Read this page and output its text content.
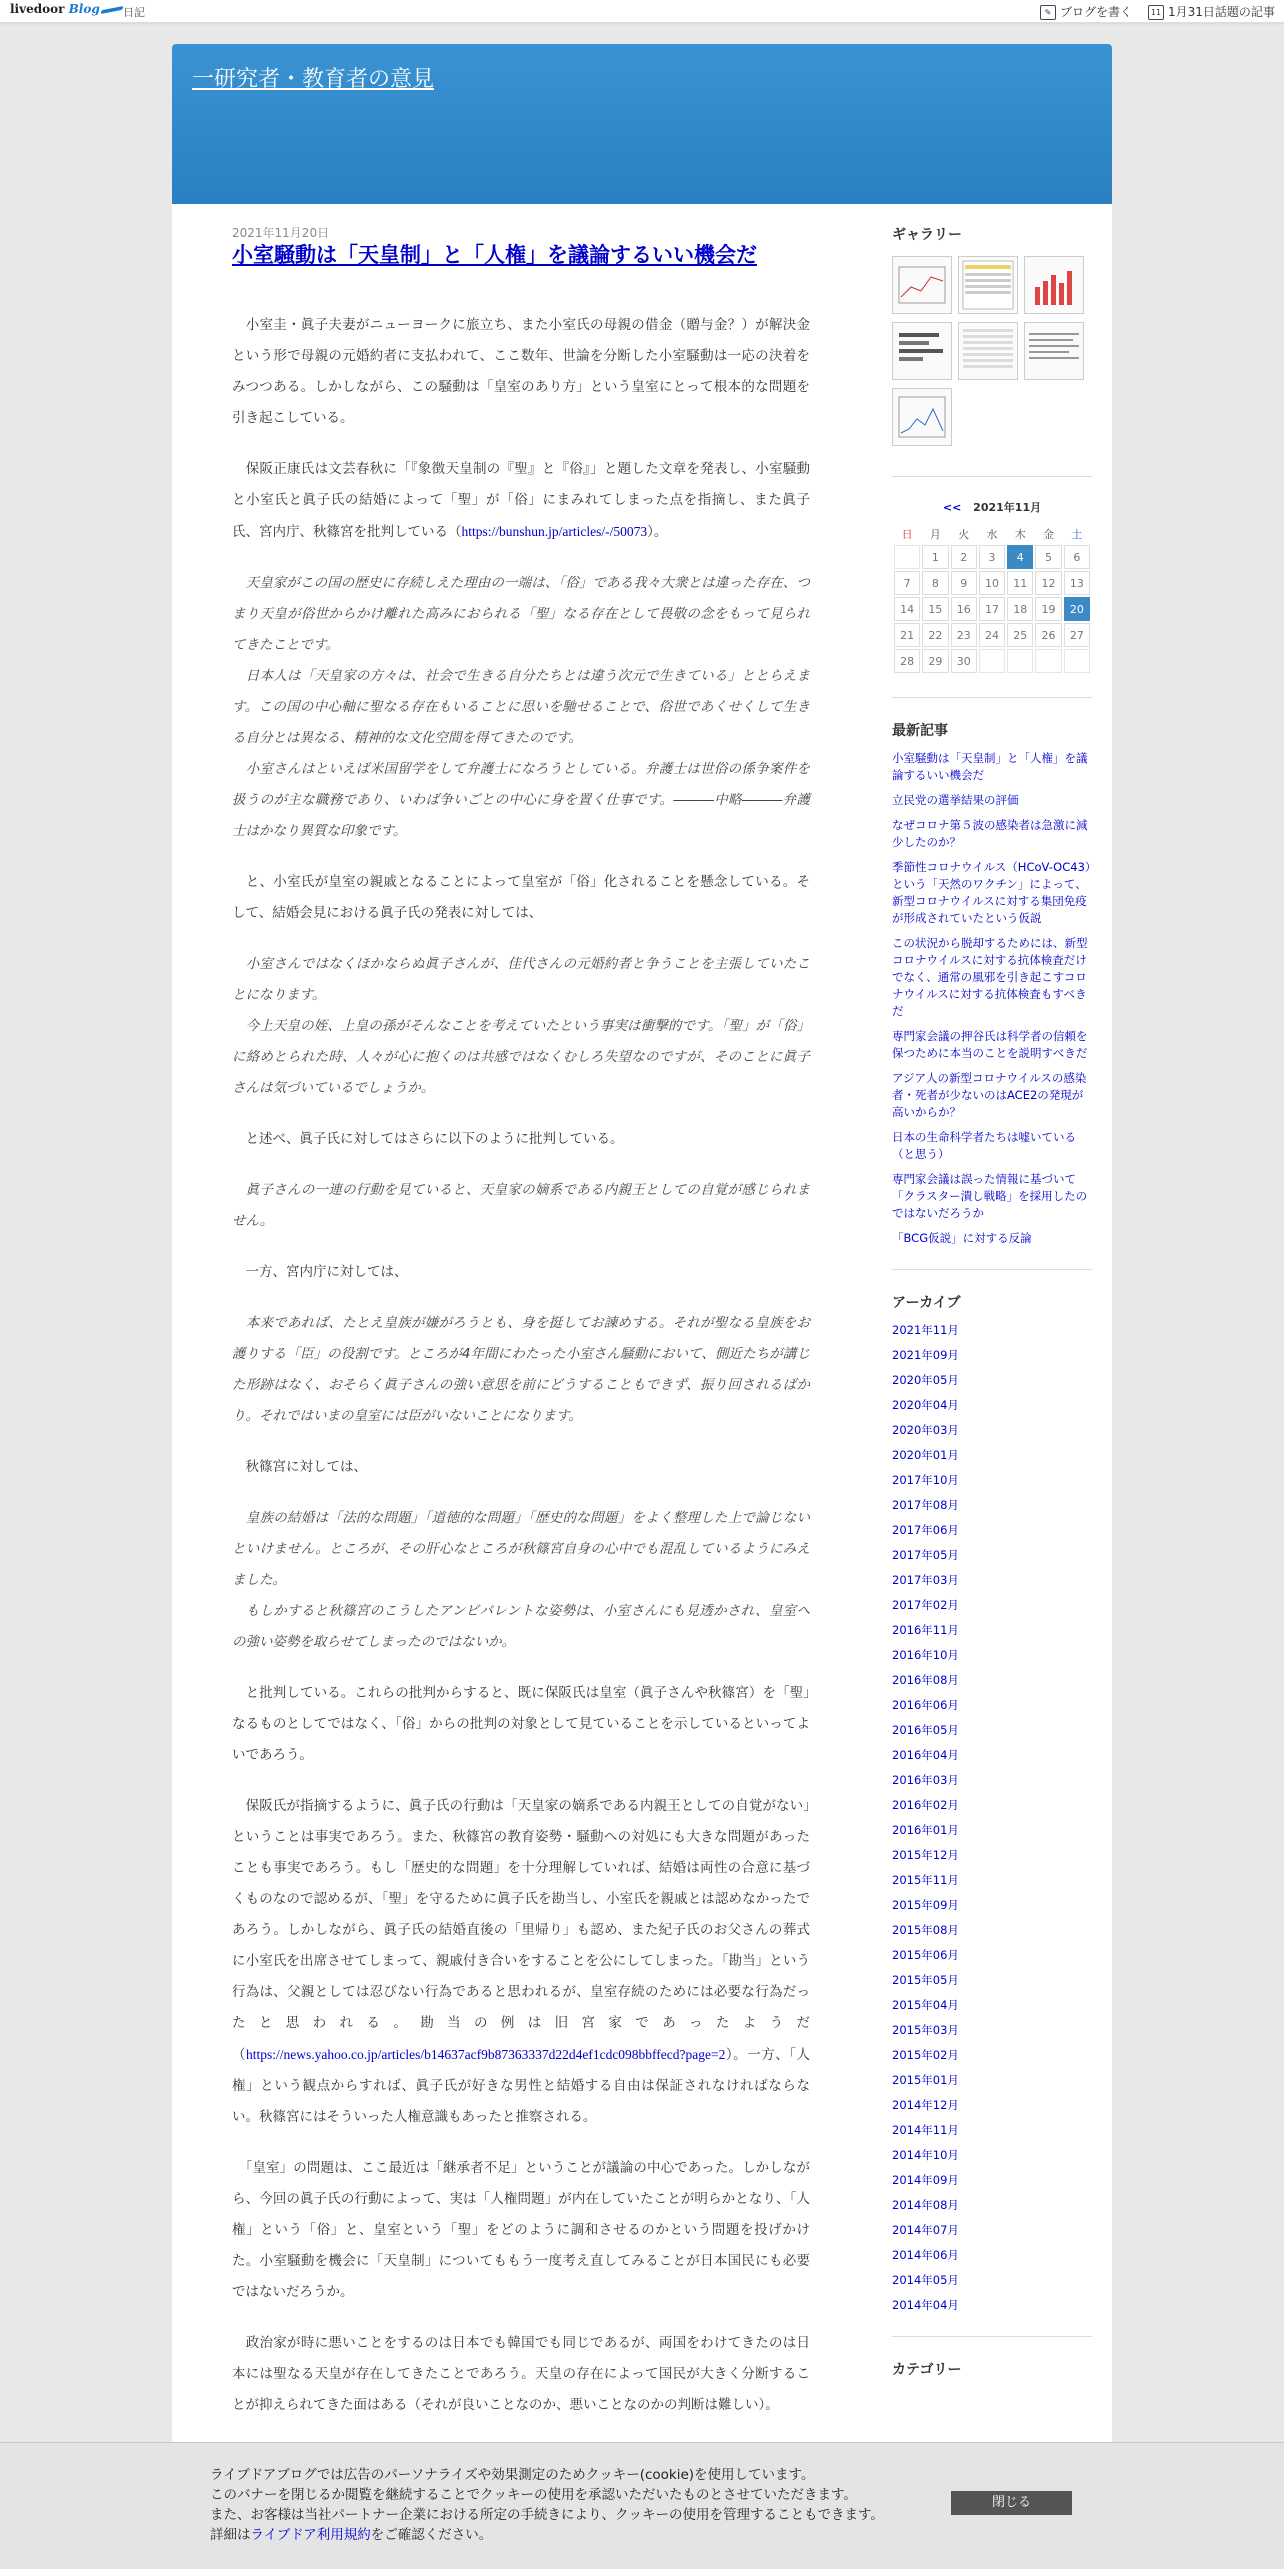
livedoor Blog	日記	✎ ブログを書く	11 1月31日話題の記事
一研究者・教育者の意見
2021年11月20日
小室騒動は「天皇制」と「人権」を議論するいい機会だ

　小室圭・眞子夫妻がニューヨークに旅立ち、また小室氏の母親の借金（贈与金？）が解決金という形で母親の元婚約者に支払われて、ここ数年、世論を分断した小室騒動は一応の決着をみつつある。しかしながら、この騒動は「皇室のあり方」という皇室にとって根本的な問題を引き起こしている。

　保阪正康氏は文芸春秋に「『象徴天皇制の『聖』と『俗』」と題した文章を発表し、小室騒動と小室氏と眞子氏の結婚によって「聖」が「俗」にまみれてしまった点を指摘し、また眞子氏、宮内庁、秋篠宮を批判している（https://bunshun.jp/articles/-/50073）。

　天皇家がこの国の歴史に存続しえた理由の一端は、「俗」である我々大衆とは違った存在、つまり天皇が俗世からかけ離れた高みにおられる「聖」なる存在として畏敬の念をもって見られてきたことです。
　日本人は「天皇家の方々は、社会で生きる自分たちとは違う次元で生きている」ととらえます。この国の中心軸に聖なる存在もいることに思いを馳せることで、俗世であくせくして生きる自分とは異なる、精神的な文化空間を得てきたのです。
　小室さんはといえば米国留学をして弁護士になろうとしている。弁護士は世俗の係争案件を扱うのが主な職務であり、いわば争いごとの中心に身を置く仕事です。―――中略―――弁護士はかなり異質な印象です。

　と、小室氏が皇室の親戚となることによって皇室が「俗」化されることを懸念している。そして、結婚会見における眞子氏の発表に対しては、

　小室さんではなくほかならぬ眞子さんが、佳代さんの元婚約者と争うことを主張していたことになります。
　今上天皇の姪、上皇の孫がそんなことを考えていたという事実は衝撃的です。「聖」が「俗」に絡めとられた時、人々が心に抱くのは共感ではなくむしろ失望なのですが、そのことに眞子さんは気づいているでしょうか。

　と述べ、眞子氏に対してはさらに以下のように批判している。

　眞子さんの一連の行動を見ていると、天皇家の嫡系である内親王としての自覚が感じられません。

　一方、宮内庁に対しては、

　本来であれば、たとえ皇族が嫌がろうとも、身を挺してお諫めする。それが聖なる皇族をお護りする「臣」の役割です。ところが4年間にわたった小室さん騒動において、側近たちが講じた形跡はなく、おそらく眞子さんの強い意思を前にどうすることもできず、振り回されるばかり。それではいまの皇室には臣がいないことになります。

　秋篠宮に対しては、

　皇族の結婚は「法的な問題」「道徳的な問題」「歴史的な問題」をよく整理した上で論じないといけません。ところが、その肝心なところが秋篠宮自身の心中でも混乱しているようにみえました。
　もしかすると秋篠宮のこうしたアンビバレントな姿勢は、小室さんにも見透かされ、皇室への強い姿勢を取らせてしまったのではないか。

　と批判している。これらの批判からすると、既に保阪氏は皇室（眞子さんや秋篠宮）を「聖」なるものとしてではなく、「俗」からの批判の対象として見ていることを示しているといってよいであろう。

　保阪氏が指摘するように、眞子氏の行動は「天皇家の嫡系である内親王としての自覚がない」ということは事実であろう。また、秋篠宮の教育姿勢・騒動への対処にも大きな問題があったことも事実であろう。もし「歴史的な問題」を十分理解していれば、結婚は両性の合意に基づくものなので認めるが、「聖」を守るために眞子氏を勘当し、小室氏を親戚とは認めなかったであろう。しかしながら、眞子氏の結婚直後の「里帰り」も認め、また紀子氏のお父さんの葬式に小室氏を出席させてしまって、親戚付き合いをすることを公にしてしまった。「勘当」という行為は、父親としては忍びない行為であると思われるが、皇室存続のためには必要な行為だったと思われる。勘当の例は旧宮家であったようだ（https://news.yahoo.co.jp/articles/b14637acf9b87363337d22d4ef1cdc098bbffecd?page=2）。一方、「人権」という観点からすれば、眞子氏が好きな男性と結婚する自由は保証されなければならない。秋篠宮にはそういった人権意識もあったと推察される。

　「皇室」の問題は、ここ最近は「継承者不足」ということが議論の中心であった。しかしながら、今回の眞子氏の行動によって、実は「人権問題」が内在していたことが明らかとなり、「人権」という「俗」と、皇室という「聖」をどのように調和させるのかという問題を投げかけた。小室騒動を機会に「天皇制」についてももう一度考え直してみることが日本国民にも必要ではないだろうか。

　政治家が時に悪いことをするのは日本でも韓国でも同じであるが、両国をわけてきたのは日本には聖なる天皇が存在してきたことであろう。天皇の存在によって国民が大きく分断することが抑えられてきた面はある（それが良いことなのか、悪いことなのかの判断は難しい）。

ギャラリー
<< 2021年11月
日	月	火	水	木	金	土
	1	2	3	4	5	6
7	8	9	10	11	12	13
14	15	16	17	18	19	20
21	22	23	24	25	26	27
28	29	30				
最新記事
小室騒動は「天皇制」と「人権」を議論するいい機会だ
立民党の選挙結果の評価
なぜコロナ第５波の感染者は急激に減少したのか？
季節性コロナウイルス（HCoV-OC43）という「天然のワクチン」によって、新型コロナウイルスに対する集団免疫が形成されていたという仮説
この状況から脱却するためには、新型コロナウイルスに対する抗体検査だけでなく、通常の風邪を引き起こすコロナウイルスに対する抗体検査もすべきだ
専門家会議の押谷氏は科学者の信頼を保つために本当のことを説明すべきだ
アジア人の新型コロナウイルスの感染者・死者が少ないのはACE2の発現が高いからか？
日本の生命科学者たちは嘘いている（と思う）
専門家会議は誤った情報に基づいて「クラスター潰し戦略」を採用したのではないだろうか
「BCG仮説」に対する反論
アーカイブ
2021年11月
2021年09月
2020年05月
2020年04月
2020年03月
2020年01月
2017年10月
2017年08月
2017年06月
2017年05月
2017年03月
2017年02月
2016年11月
2016年10月
2016年08月
2016年06月
2016年05月
2016年04月
2016年03月
2016年02月
2016年01月
2015年12月
2015年11月
2015年09月
2015年08月
2015年06月
2015年05月
2015年04月
2015年03月
2015年02月
2015年01月
2014年12月
2014年11月
2014年10月
2014年09月
2014年08月
2014年07月
2014年06月
2014年05月
2014年04月
カテゴリー
ライブドアブログでは広告のパーソナライズや効果測定のためクッキー(cookie)を使用しています。
このバナーを閉じるか閲覧を継続することでクッキーの使用を承認いただいたものとさせていただきます。
また、お客様は当社パートナー企業における所定の手続きにより、クッキーの使用を管理することもできます。
詳細はライブドア利用規約をご確認ください。
閉じる
